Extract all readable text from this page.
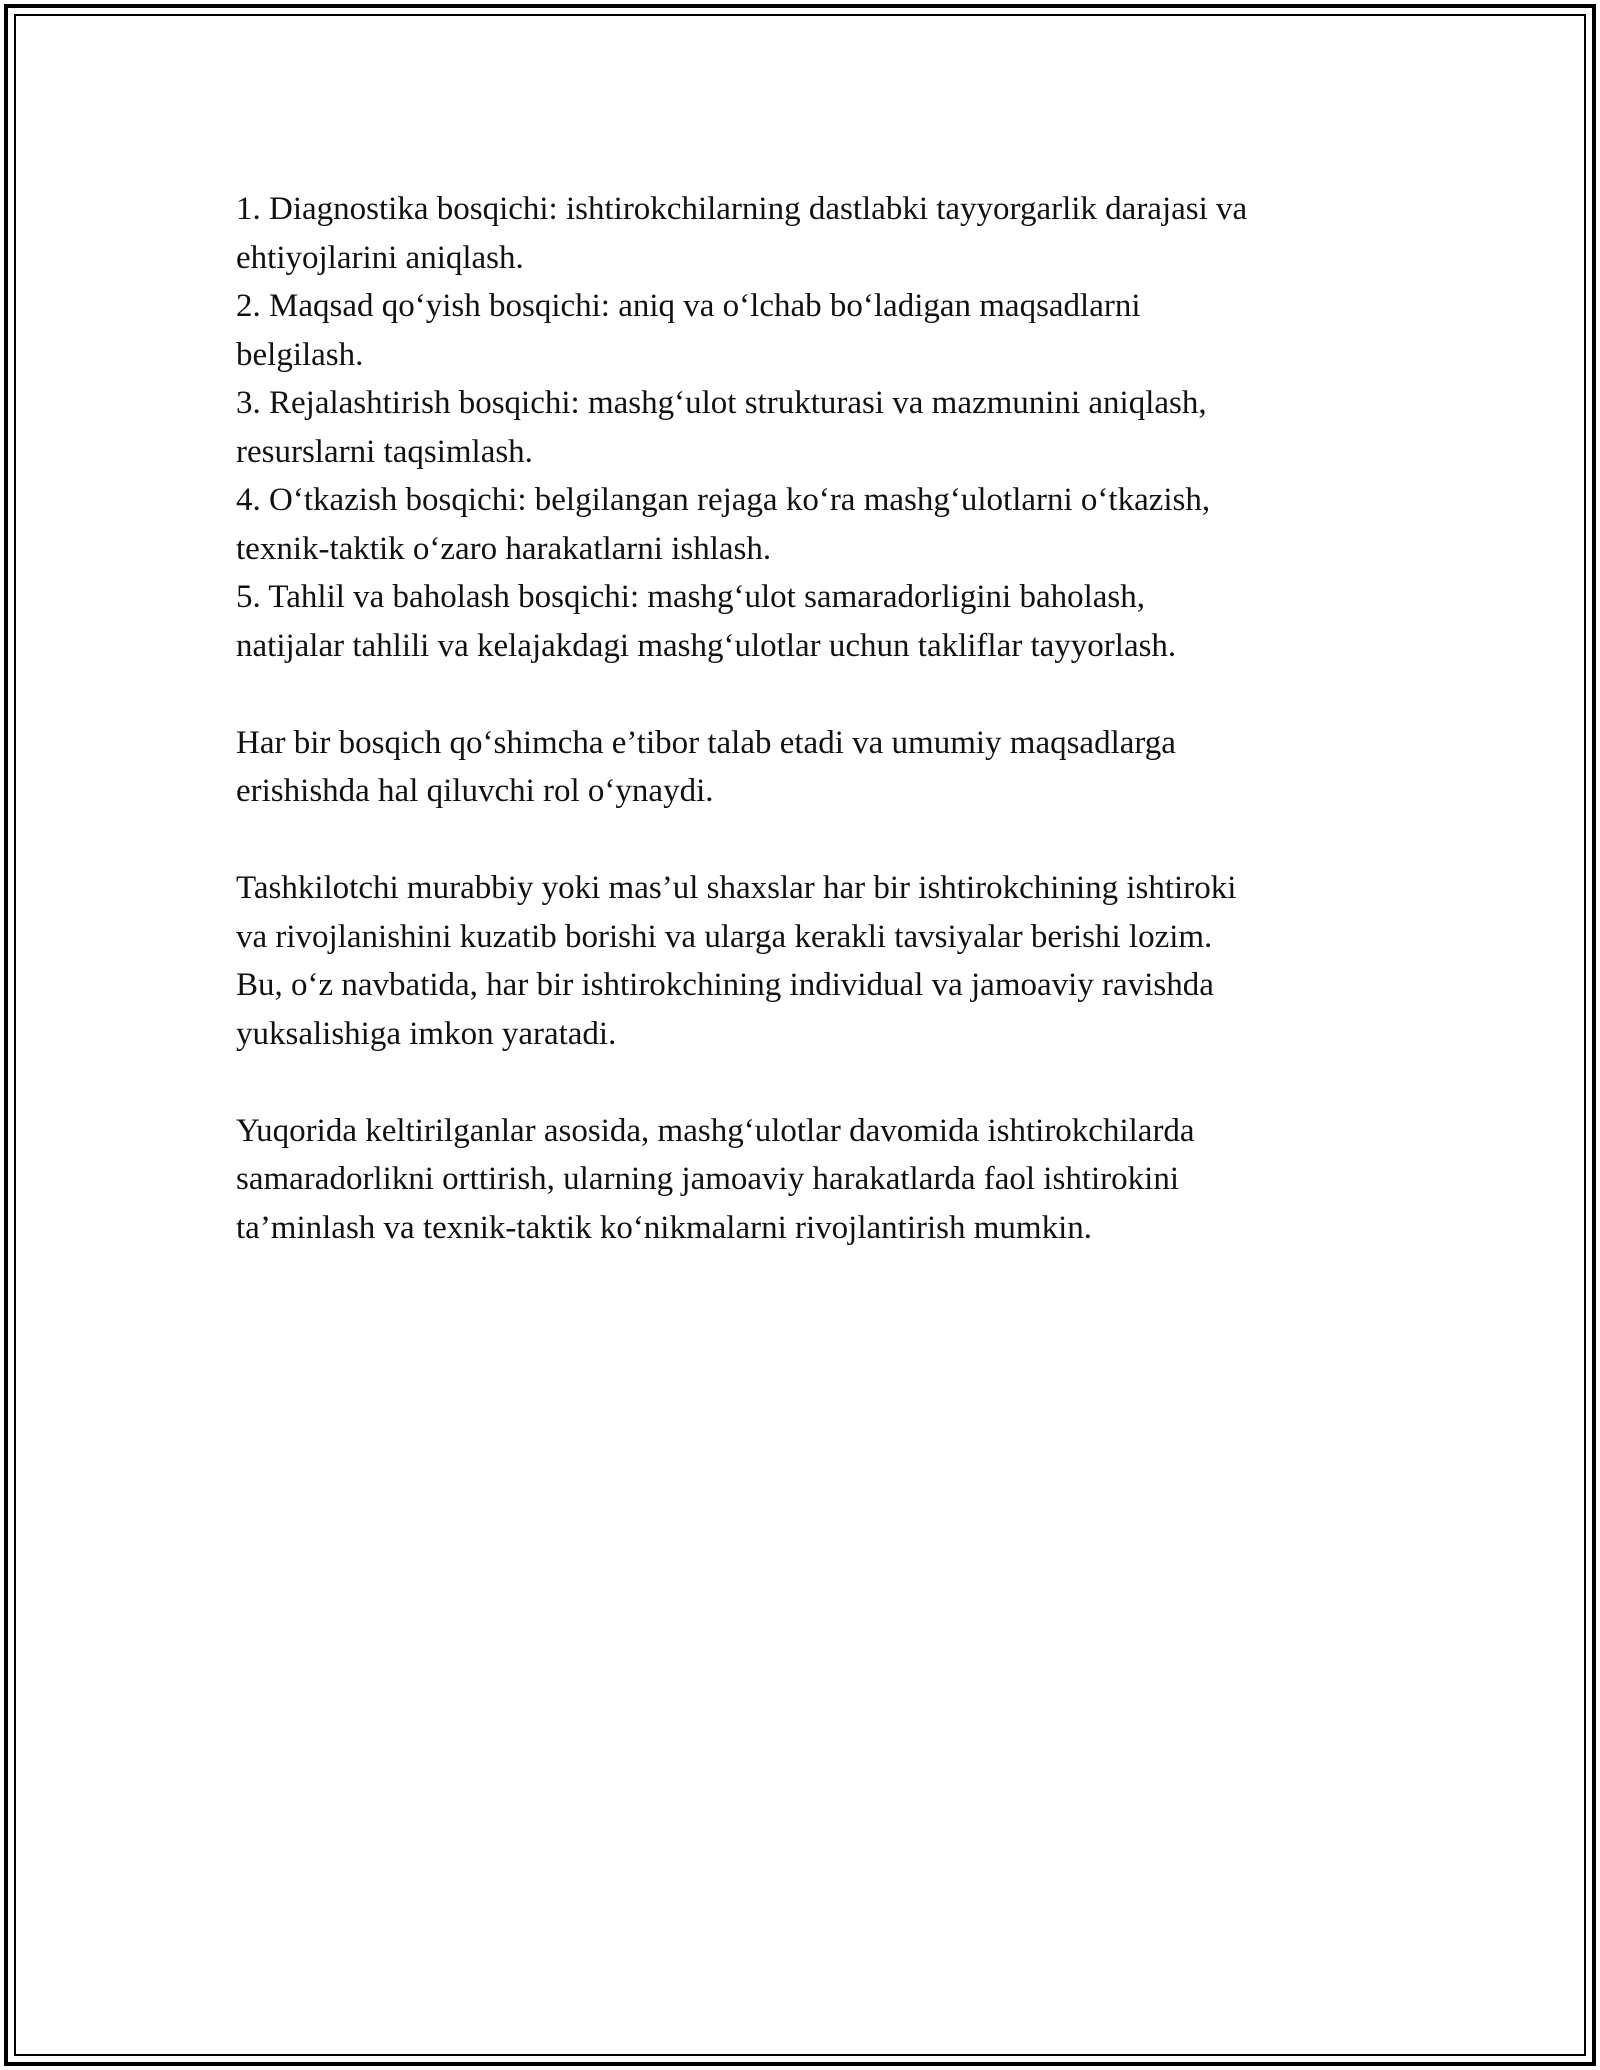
1. Diagnostika bosqichi: ishtirokchilarning dastlabki tayyorgarlik darajasi va
ehtiyojlarini aniqlash.
2. Maqsad qo‘yish bosqichi: aniq va o‘lchab bo‘ladigan maqsadlarni
belgilash.
3. Rejalashtirish bosqichi: mashg‘ulot strukturasi va mazmunini aniqlash,
resurslarni taqsimlash.
4. O‘tkazish bosqichi: belgilangan rejaga ko‘ra mashg‘ulotlarni o‘tkazish,
texnik-taktik o‘zaro harakatlarni ishlash.
5. Tahlil va baholash bosqichi: mashg‘ulot samaradorligini baholash,
natijalar tahlili va kelajakdagi mashg‘ulotlar uchun takliflar tayyorlash.

Har bir bosqich qo‘shimcha e’tibor talab etadi va umumiy maqsadlarga
erishishda hal qiluvchi rol o‘ynaydi.

Tashkilotchi murabbiy yoki mas’ul shaxslar har bir ishtirokchining ishtiroki
va rivojlanishini kuzatib borishi va ularga kerakli tavsiyalar berishi lozim.
Bu, o‘z navbatida, har bir ishtirokchining individual va jamoaviy ravishda
yuksalishiga imkon yaratadi.

Yuqorida keltirilganlar asosida, mashg‘ulotlar davomida ishtirokchilarda
samaradorlikni orttirish, ularning jamoaviy harakatlarda faol ishtirokini
ta’minlash va texnik-taktik ko‘nikmalarni rivojlantirish mumkin.
